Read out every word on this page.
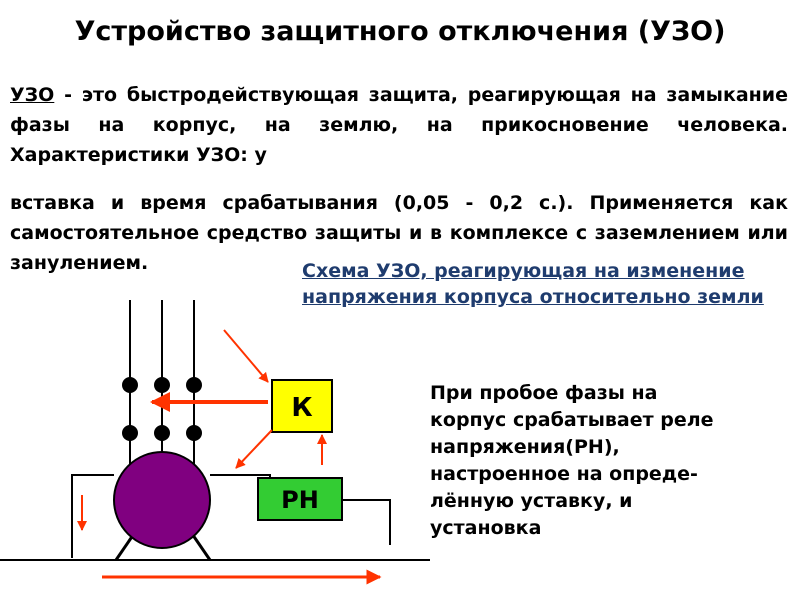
Устройство защитного отключения (УЗО)

УЗО - это быстродействующая защита, реагирующая на замыкание фазы на корпус, на землю, на прикосновение человека. Характеристики УЗО: у

вставка и время срабатывания (0,05 - 0,2 с.). Применяется как самостоятельное средство защиты и в комплексе с заземлением или занулением.

РН
К

Схема УЗО, реагирующая на изменение напряжения корпуса относительно земли

При пробое фазы на корпус срабатывает реле напряжения(РН), настроенное на опреде-лённую уставку, и установка
